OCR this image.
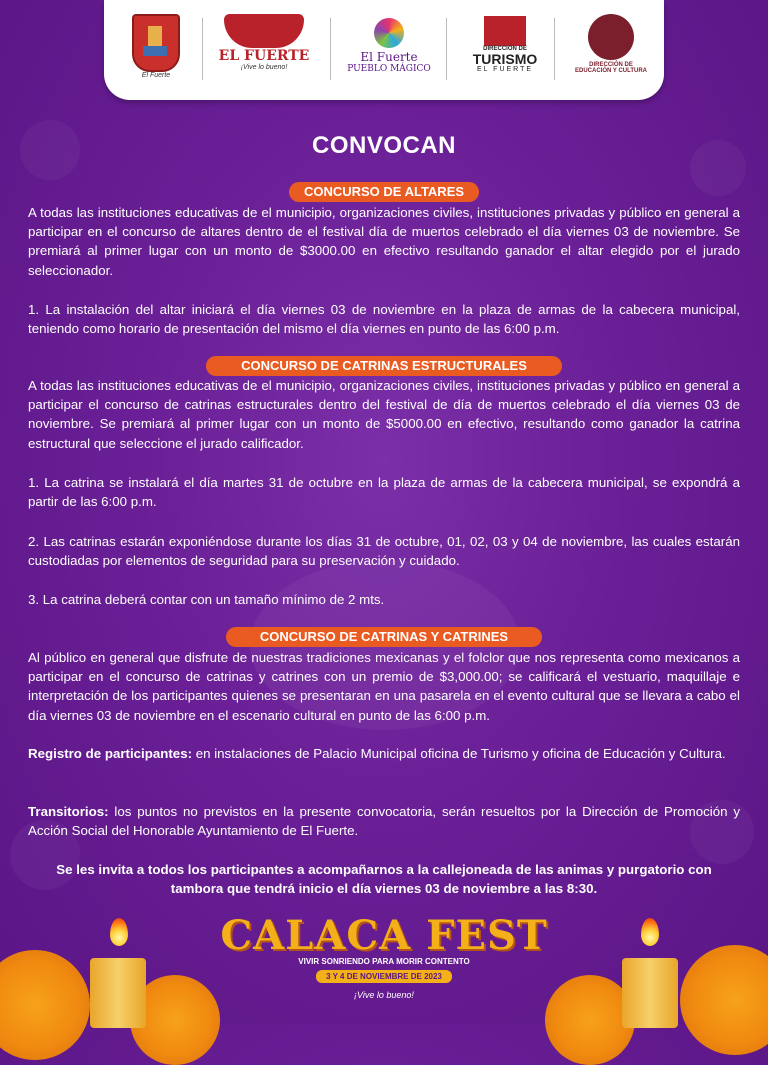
El Fuerte
EL FUERTE
¡Vive lo bueno!
El Fuerte
PUEBLO MÁGICO
DIRECCIÓN DE
TURISMO
EL FUERTE
DIRECCIÓN DE
EDUCACIÓN Y CULTURA
CONVOCAN
CONCURSO DE ALTARES
A todas las instituciones educativas de el municipio, organizaciones civiles, instituciones privadas y público en general a participar en el concurso de altares dentro de el festival día de muertos celebrado el día viernes 03 de noviembre. Se premiará al primer lugar con un monto de $3000.00 en efectivo resultando ganador el altar elegido por el jurado seleccionador.
1. La instalación del altar iniciará el día viernes 03 de noviembre en la plaza de armas de la cabecera municipal, teniendo como horario de presentación del mismo el día viernes en punto de las 6:00 p.m.
CONCURSO DE CATRINAS ESTRUCTURALES
A todas las instituciones educativas de el municipio, organizaciones civiles, instituciones privadas y público en general a participar el concurso de catrinas estructurales dentro del festival de día de muertos celebrado el día viernes 03 de noviembre. Se premiará al primer lugar con un monto de $5000.00 en efectivo, resultando como ganador la catrina estructural que seleccione el jurado calificador.
1. La catrina se instalará el día martes 31 de octubre en la plaza de armas de la cabecera municipal, se expondrá a partir de las 6:00 p.m.
2. Las catrinas estarán exponiéndose durante los días 31 de octubre, 01, 02, 03 y 04 de noviembre, las cuales estarán custodiadas por elementos de seguridad para su preservación y cuidado.
3. La catrina deberá contar con un tamaño mínimo de 2 mts.
CONCURSO DE CATRINAS Y CATRINES
Al público en general que disfrute de nuestras tradiciones mexicanas y el folclor que nos representa como mexicanos a participar en el concurso de catrinas y catrines con un premio de $3,000.00; se calificará el vestuario, maquillaje e interpretación de los participantes quienes se presentaran en una pasarela en el evento cultural que se llevara a cabo el día viernes 03 de noviembre en el escenario cultural en punto de las 6:00 p.m.
Registro de participantes: en instalaciones de Palacio Municipal oficina de Turismo y oficina de Educación y Cultura.
Transitorios: los puntos no previstos en la presente convocatoria, serán resueltos por la Dirección de Promoción y Acción Social del Honorable Ayuntamiento de El Fuerte.
Se les invita a todos los participantes a acompañarnos a la callejoneada de las animas y purgatorio con tambora que tendrá inicio el día viernes 03 de noviembre a las 8:30.
CALACA FEST
VIVIR SONRIENDO PARA MORIR CONTENTO
3 Y 4 DE NOVIEMBRE DE 2023
¡Vive lo bueno!
